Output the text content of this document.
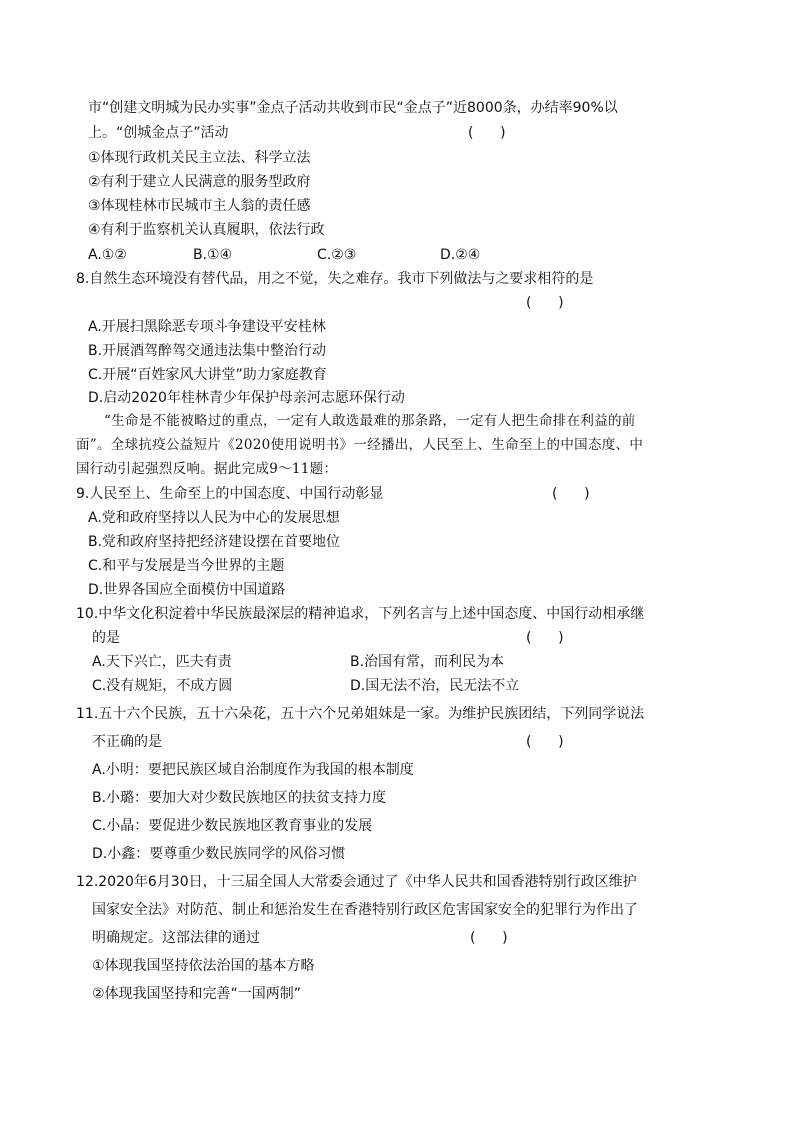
市“创建文明城为民办实事”金点子活动共收到市民“金点子”近8000条，办结率90%以
上。“创城金点子”活动	(      )
①体现行政机关民主立法、科学立法
②有利于建立人民满意的服务型政府
③体现桂林市民城市主人翁的责任感
④有利于监察机关认真履职，依法行政
A.①②	B.①④	C.②③	D.②④
8.自然生态环境没有替代品，用之不觉，失之难存。我市下列做法与之要求相符的是
(      )
A.开展扫黑除恶专项斗争建设平安桂林
B.开展酒驾醉驾交通违法集中整治行动
C.开展“百姓家风大讲堂”助力家庭教育
D.启动2020年桂林青少年保护母亲河志愿环保行动
“生命是不能被略过的重点，一定有人敢选最难的那条路，一定有人把生命排在利益的前
面”。全球抗疫公益短片《2020使用说明书》一经播出，人民至上、生命至上的中国态度、中
国行动引起强烈反响。据此完成9～11题：
9.人民至上、生命至上的中国态度、中国行动彰显	(      )
A.党和政府坚持以人民为中心的发展思想
B.党和政府坚持把经济建设摆在首要地位
C.和平与发展是当今世界的主题
D.世界各国应全面模仿中国道路
10.中华文化积淀着中华民族最深层的精神追求，下列名言与上述中国态度、中国行动相承继
的是	(      )
A.天下兴亡，匹夫有责	B.治国有常，而利民为本
C.没有规矩，不成方圆	D.国无法不治，民无法不立
11.五十六个民族，五十六朵花，五十六个兄弟姐妹是一家。为维护民族团结，下列同学说法
不正确的是	(      )
A.小明：要把民族区域自治制度作为我国的根本制度
B.小璐：要加大对少数民族地区的扶贫支持力度
C.小晶：要促进少数民族地区教育事业的发展
D.小鑫：要尊重少数民族同学的风俗习惯
12.2020年6月30日，十三届全国人大常委会通过了《中华人民共和国香港特别行政区维护
国家安全法》对防范、制止和惩治发生在香港特别行政区危害国家安全的犯罪行为作出了
明确规定。这部法律的通过	(      )
①体现我国坚持依法治国的基本方略
②体现我国坚持和完善“一国两制”
